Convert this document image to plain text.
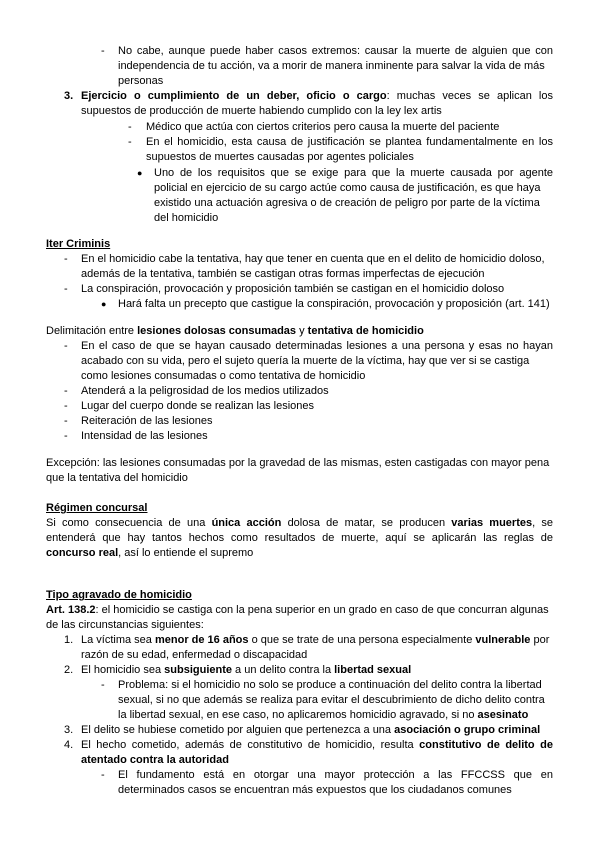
- No cabe, aunque puede haber casos extremos: causar la muerte de alguien que con
independencia de tu acción, va a morir de manera inminente para salvar la vida de más
personas
3. Ejercicio o cumplimiento de un deber, oficio o cargo: muchas veces se aplican los
supuestos de producción de muerte habiendo cumplido con la ley lex artis
- Médico que actúa con ciertos criterios pero causa la muerte del paciente
- En el homicidio, esta causa de justificación se plantea fundamentalmente en los
supuestos de muertes causadas por agentes policiales
● Uno de los requisitos que se exige para que la muerte causada por agente
policial en ejercicio de su cargo actúe como causa de justificación, es que haya
existido una actuación agresiva o de creación de peligro por parte de la víctima
del homicidio
Iter Criminis
- En el homicidio cabe la tentativa, hay que tener en cuenta que en el delito de homicidio doloso,
además de la tentativa, también se castigan otras formas imperfectas de ejecución
- La conspiración, provocación y proposición también se castigan en el homicidio doloso
● Hará falta un precepto que castigue la conspiración, provocación y proposición (art. 141)
Delimitación entre lesiones dolosas consumadas y tentativa de homicidio
- En el caso de que se hayan causado determinadas lesiones a una persona y esas no hayan
acabado con su vida, pero el sujeto quería la muerte de la víctima, hay que ver si se castiga
como lesiones consumadas o como tentativa de homicidio
- Atenderá a la peligrosidad de los medios utilizados
- Lugar del cuerpo donde se realizan las lesiones
- Reiteración de las lesiones
- Intensidad de las lesiones
Excepción: las lesiones consumadas por la gravedad de las mismas, esten castigadas con mayor pena
que la tentativa del homicidio
Régimen concursal
Si como consecuencia de una única acción dolosa de matar, se producen varias muertes, se
entenderá que hay tantos hechos como resultados de muerte, aquí se aplicarán las reglas de
concurso real, así lo entiende el supremo
Tipo agravado de homicidio
Art. 138.2: el homicidio se castiga con la pena superior en un grado en caso de que concurran algunas
de las circunstancias siguientes:
1. La víctima sea menor de 16 años o que se trate de una persona especialmente vulnerable por
razón de su edad, enfermedad o discapacidad
2. El homicidio sea subsiguiente a un delito contra la libertad sexual
- Problema: si el homicidio no solo se produce a continuación del delito contra la libertad
sexual, si no que además se realiza para evitar el descubrimiento de dicho delito contra
la libertad sexual, en ese caso, no aplicaremos homicidio agravado, si no asesinato
3. El delito se hubiese cometido por alguien que pertenezca a una asociación o grupo criminal
4. El hecho cometido, además de constitutivo de homicidio, resulta constitutivo de delito de
atentado contra la autoridad
- El fundamento está en otorgar una mayor protección a las FFCCSS que en
determinados casos se encuentran más expuestos que los ciudadanos comunes
